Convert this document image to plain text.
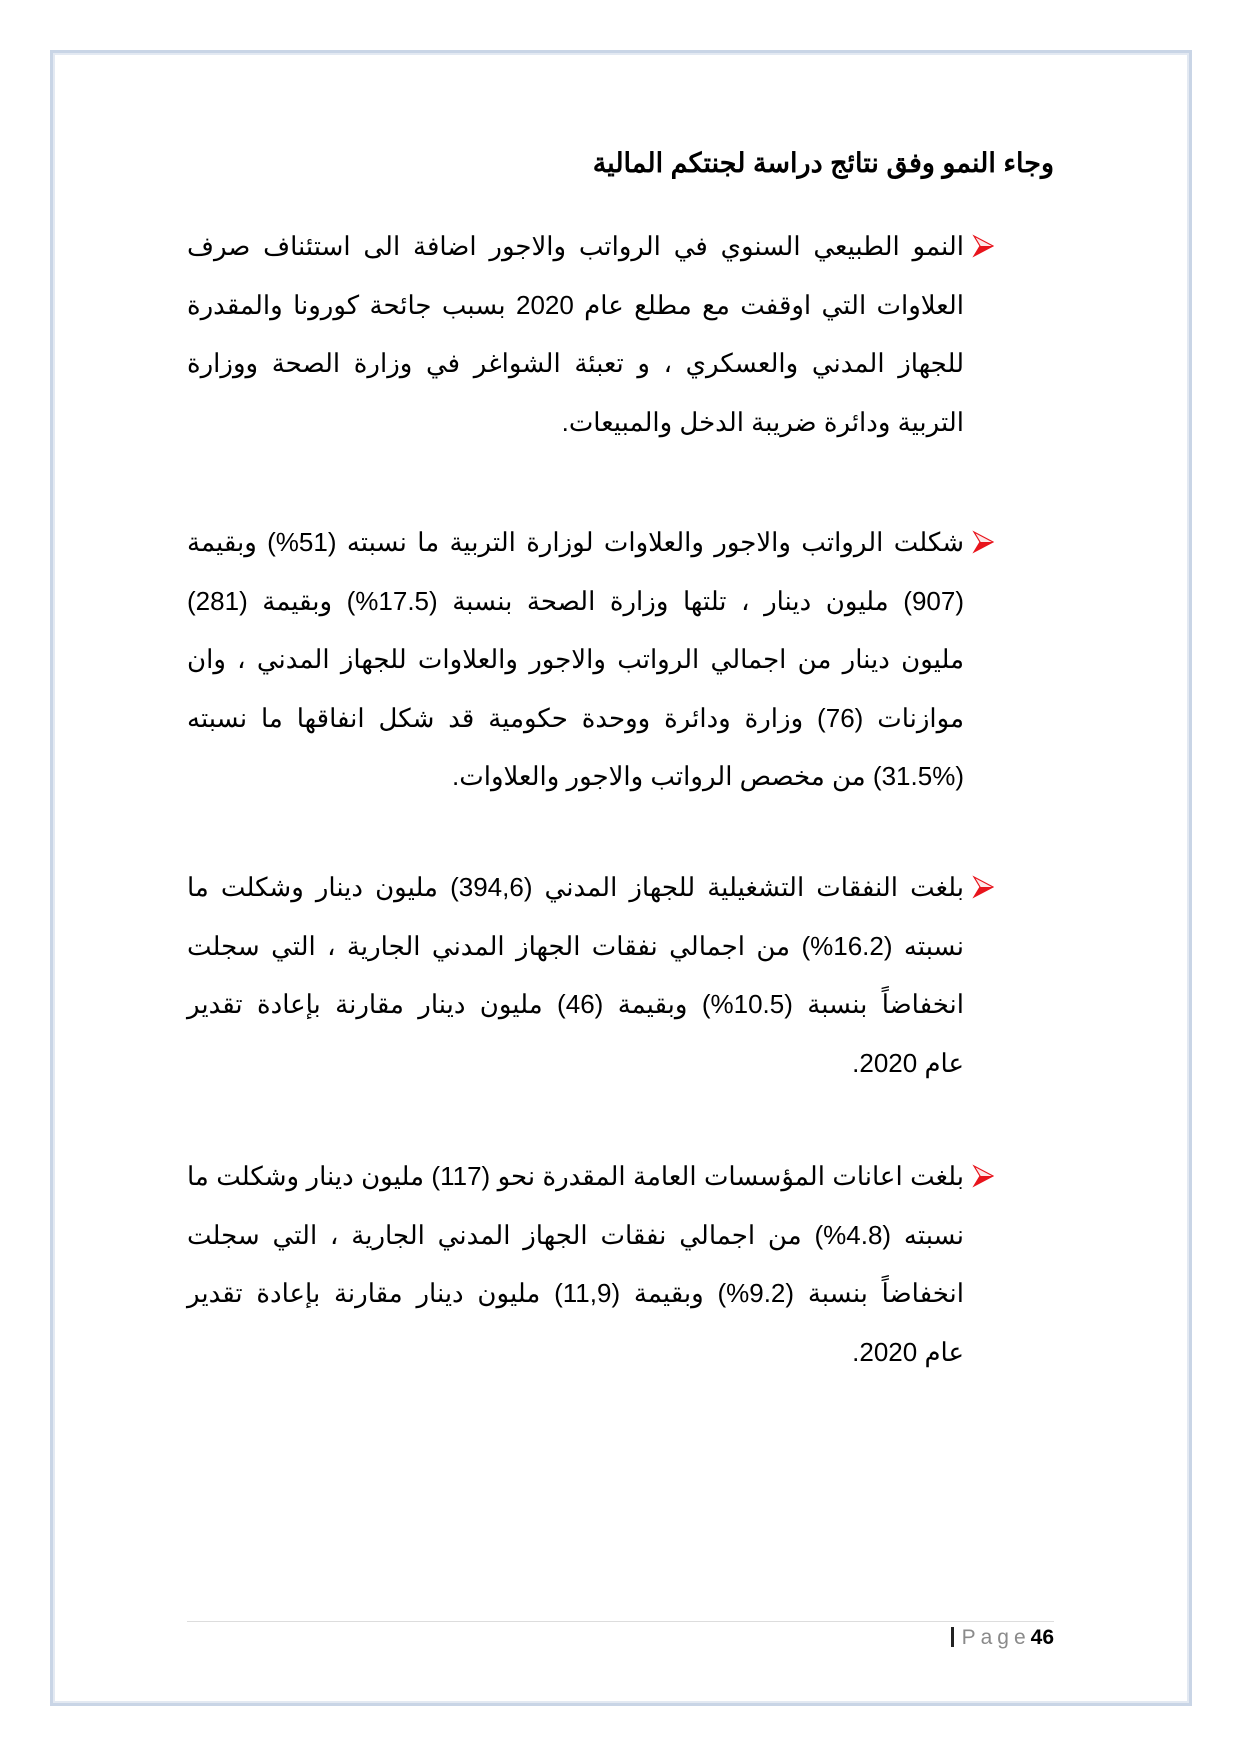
وجاء النمو وفق نتائج دراسة لجنتكم المالية
النمو الطبيعي السنوي في الرواتب والاجور اضافة الى استئناف صرف
العلاوات التي اوقفت مع مطلع عام 2020 بسبب جائحة كورونا والمقدرة
للجهاز المدني والعسكري ، و تعبئة الشواغر في وزارة الصحة ووزارة
التربية ودائرة ضريبة الدخل والمبيعات.
شكلت الرواتب والاجور والعلاوات لوزارة التربية ما نسبته (51%) وبقيمة
(907) مليون دينار ، تلتها وزارة الصحة بنسبة (17.5%) وبقيمة (281)
مليون دينار من اجمالي الرواتب والاجور والعلاوات للجهاز المدني ، وان
موازنات (76) وزارة ودائرة ووحدة حكومية قد شكل انفاقها ما نسبته
(31.5%) من مخصص الرواتب والاجور والعلاوات.
بلغت النفقات التشغيلية للجهاز المدني (394,6) مليون دينار وشكلت ما
نسبته (16.2%) من اجمالي نفقات الجهاز المدني الجارية ، التي سجلت
انخفاضاً بنسبة (10.5%) وبقيمة (46) مليون دينار مقارنة بإعادة تقدير
عام 2020.
بلغت اعانات المؤسسات العامة المقدرة نحو (117) مليون دينار وشكلت ما
نسبته (4.8%) من اجمالي نفقات الجهاز المدني الجارية ، التي سجلت
انخفاضاً بنسبة (9.2%) وبقيمة (11,9) مليون دينار مقارنة بإعادة تقدير
عام 2020.
Page46
